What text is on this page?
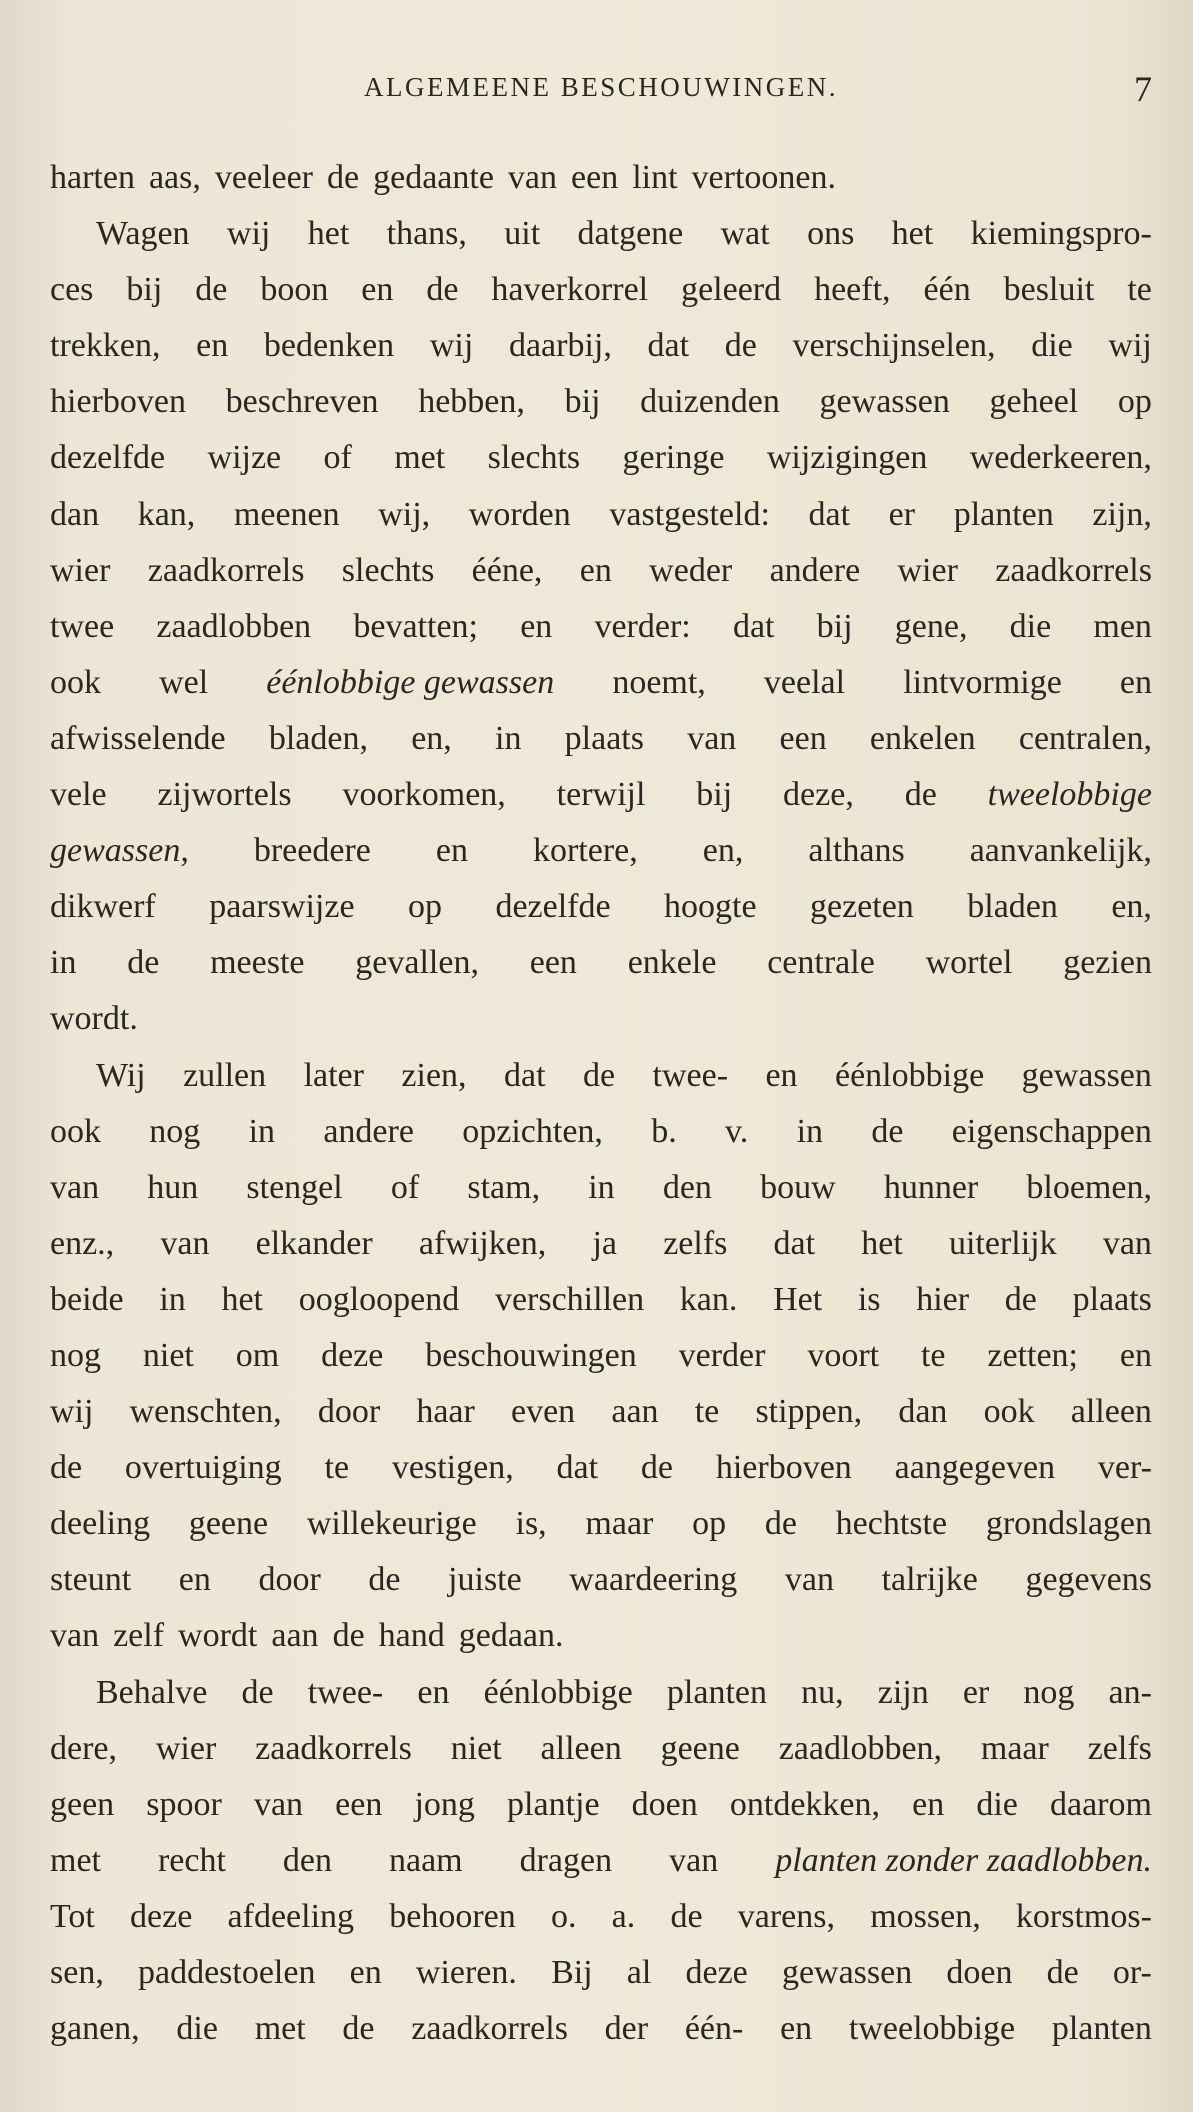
ALGEMEENE BESCHOUWINGEN.	7
harten aas, veeleer de gedaante van een lint vertoonen.
Wagen wij het thans, uit datgene wat ons het kiemingspro-
ces bij de boon en de haverkorrel geleerd heeft, één besluit te
trekken, en bedenken wij daarbij, dat de verschijnselen, die wij
hierboven beschreven hebben, bij duizenden gewassen geheel op
dezelfde wijze of met slechts geringe wijzigingen wederkeeren,
dan kan, meenen wij, worden vastgesteld: dat er planten zijn,
wier zaadkorrels slechts ééne, en weder andere wier zaadkorrels
twee zaadlobben bevatten; en verder: dat bij gene, die men
ook wel éénlobbige gewassen noemt, veelal lintvormige en
afwisselende bladen, en, in plaats van een enkelen centralen,
vele zijwortels voorkomen, terwijl bij deze, de tweelobbige
gewassen, breedere en kortere, en, althans aanvankelijk,
dikwerf paarswijze op dezelfde hoogte gezeten bladen en,
in de meeste gevallen, een enkele centrale wortel gezien
wordt.
Wij zullen later zien, dat de twee- en éénlobbige gewassen
ook nog in andere opzichten, b. v. in de eigenschappen
van hun stengel of stam, in den bouw hunner bloemen,
enz., van elkander afwijken, ja zelfs dat het uiterlijk van
beide in het oogloopend verschillen kan. Het is hier de plaats
nog niet om deze beschouwingen verder voort te zetten; en
wij wenschten, door haar even aan te stippen, dan ook alleen
de overtuiging te vestigen, dat de hierboven aangegeven ver-
deeling geene willekeurige is, maar op de hechtste grondslagen
steunt en door de juiste waardeering van talrijke gegevens
van zelf wordt aan de hand gedaan.
Behalve de twee- en éénlobbige planten nu, zijn er nog an-
dere, wier zaadkorrels niet alleen geene zaadlobben, maar zelfs
geen spoor van een jong plantje doen ontdekken, en die daarom
met recht den naam dragen van planten zonder zaadlobben.
Tot deze afdeeling behooren o. a. de varens, mossen, korstmos-
sen, paddestoelen en wieren. Bij al deze gewassen doen de or-
ganen, die met de zaadkorrels der één- en tweelobbige planten
